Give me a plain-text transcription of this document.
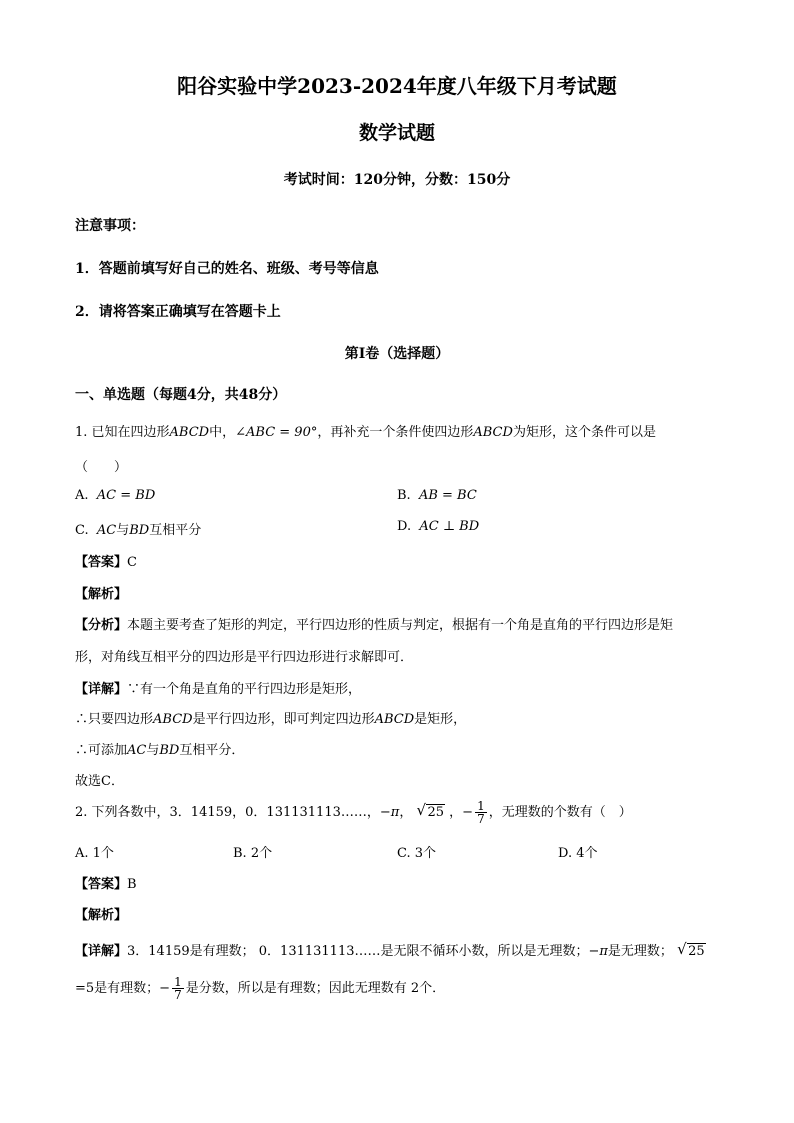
阳谷实验中学2023-2024年度八年级下月考试题
数学试题
考试时间：120分钟，分数：150分
注意事项：
1．答题前填写好自己的姓名、班级、考号等信息
2．请将答案正确填写在答题卡上
第I卷（选择题）
一、单选题（每题4分，共48分）
1. 已知在四边形ABCD中，∠ABC = 90°，再补充一个条件使四边形ABCD为矩形，这个条件可以是
（　　）
A. AC = BD	B. AB = BC
C. AC与BD互相平分	D. AC ⊥ BD
【答案】C
【解析】
【分析】本题主要考查了矩形的判定，平行四边形的性质与判定，根据有一个角是直角的平行四边形是矩
形，对角线互相平分的四边形是平行四边形进行求解即可．
【详解】∵有一个角是直角的平行四边形是矩形，
∴只要四边形ABCD是平行四边形，即可判定四边形ABCD是矩形，
∴可添加AC与BD互相平分．
故选C．
2. 下列各数中，3．14159，0．131131113……，−π， √ 25 ，− $\frac{1}{7}$ ，无理数的个数有（　）
A. 1个	B. 2个	C. 3个	D. 4个
【答案】B
【解析】
【详解】3．14159是有理数； 0．131131113……是无限不循环小数，所以是无理数；−π是无理数； √ 25
=5是有理数；− $\frac{1}{7}$ 是分数，所以是有理数；因此无理数有 2个．
